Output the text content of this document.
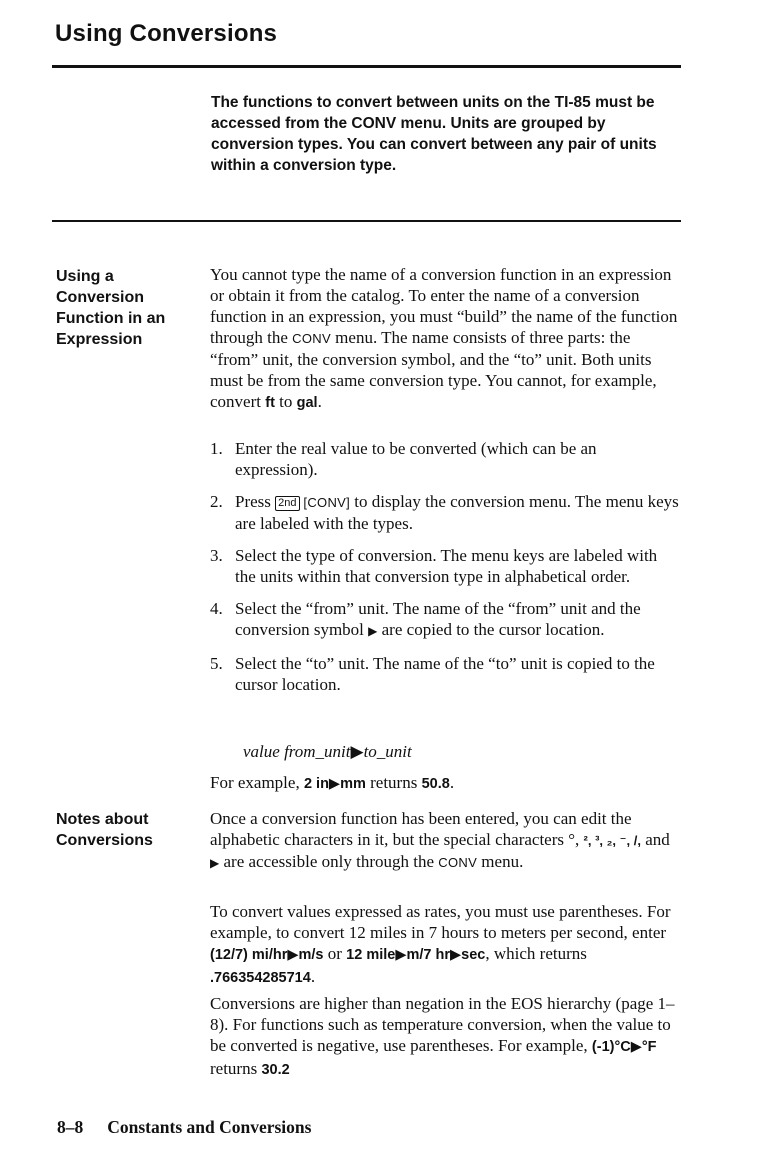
Using Conversions
The functions to convert between units on the TI-85 must be accessed from the CONV menu. Units are grouped by conversion types. You can convert between any pair of units within a conversion type.
Using a Conversion Function in an Expression

You cannot type the name of a conversion function in an expression or obtain it from the catalog. To enter the name of a conversion function in an expression, you must “build” the name of the function through the CONV menu. The name consists of three parts: the “from” unit, the conversion symbol, and the “to” unit. Both units must be from the same conversion type. You cannot, for example, convert ft to gal.

1. Enter the real value to be converted (which can be an expression).
2. Press 2nd [CONV] to display the conversion menu. The menu keys are labeled with the types.
3. Select the type of conversion. The menu keys are labeled with the units within that conversion type in alphabetical order.
4. Select the “from” unit. The name of the “from” unit and the conversion symbol ▶ are copied to the cursor location.
5. Select the “to” unit. The name of the “to” unit is copied to the cursor location.
value from_unit▶to_unit

For example, 2 in▶mm returns 50.8.

Notes about Conversions

Once a conversion function has been entered, you can edit the alphabetic characters in it, but the special characters °, ², ³, ₂, ⁻, /, and ▶ are accessible only through the CONV menu.

To convert values expressed as rates, you must use parentheses. For example, to convert 12 miles in 7 hours to meters per second, enter (12/7) mi/hr▶m/s or 12 mile▶m/7 hr▶sec, which returns .766354285714.

Conversions are higher than negation in the EOS hierarchy (page 1–8). For functions such as temperature conversion, when the value to be converted is negative, use parentheses. For example, (-1)°C▶°F returns 30.2

8–8 Constants and Conversions
